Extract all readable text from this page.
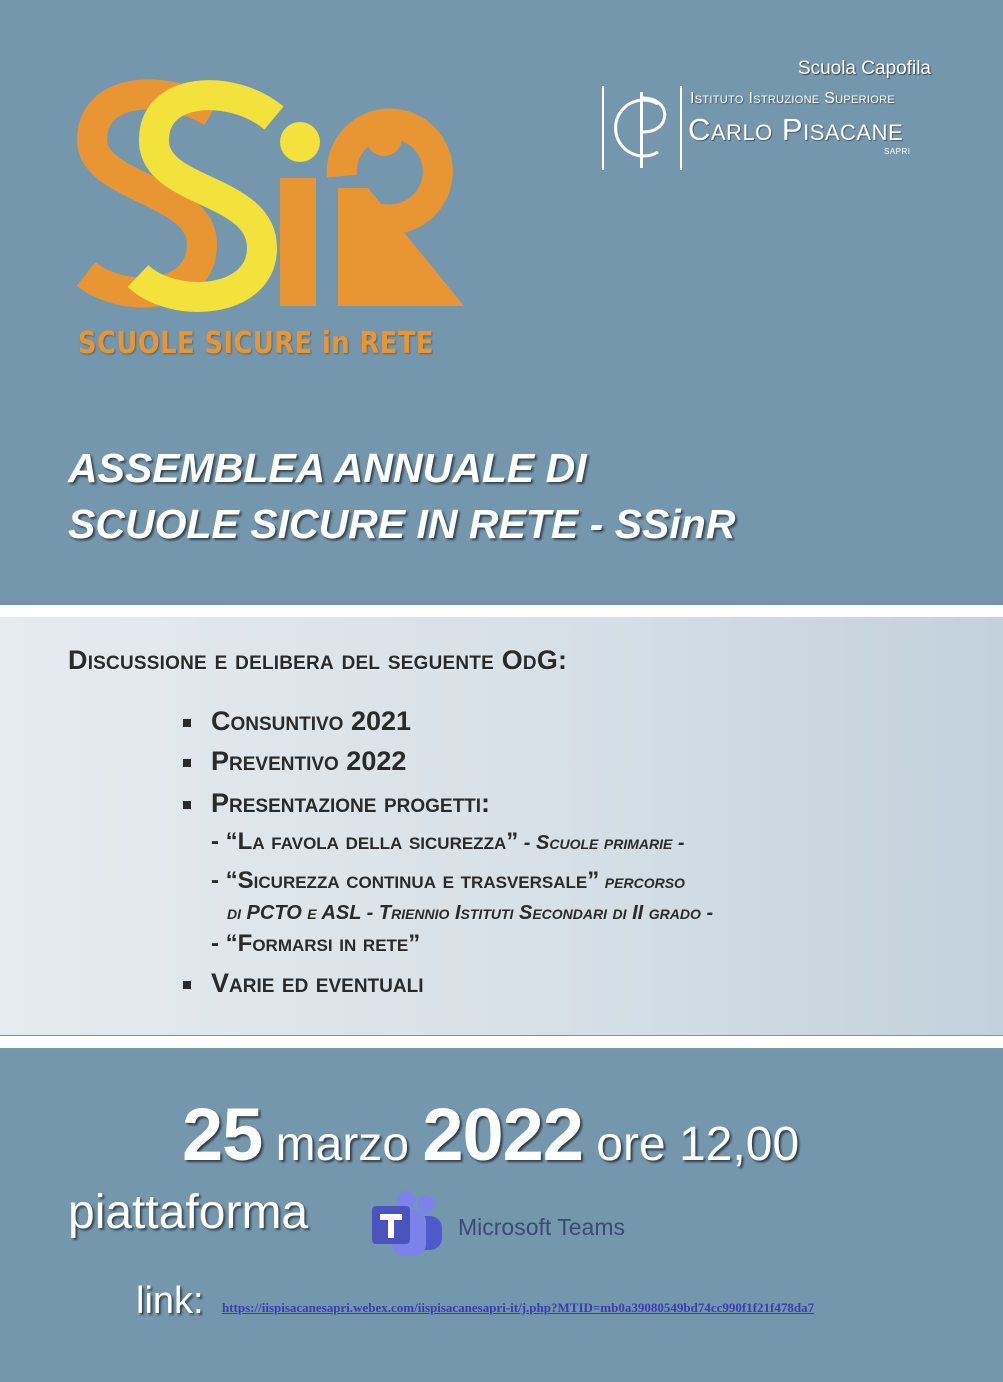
SCUOLE SICURE in RETE
Scuola Capofila
Istituto Istruzione Superiore
Carlo Pisacane
SAPRI
ASSEMBLEA ANNUALE DI
SCUOLE SICURE IN RETE - SSinR
Discussione e delibera del seguente OdG:
Consuntivo 2021
Preventivo 2022
Presentazione progetti:
- “La favola della sicurezza” - Scuole primarie -
- “Sicurezza continua e trasversale” percorso
di PCTO e ASL - Triennio Istituti Secondari di II grado -
- “Formarsi in rete”
Varie ed eventuali
25 marzo 2022 ore 12,00
piattaforma	Microsoft Teams
link: https://iispisacanesapri.webex.com/iispisacanesapri-it/j.php?MTID=mb0a39080549bd74cc990f1f21f478da7
